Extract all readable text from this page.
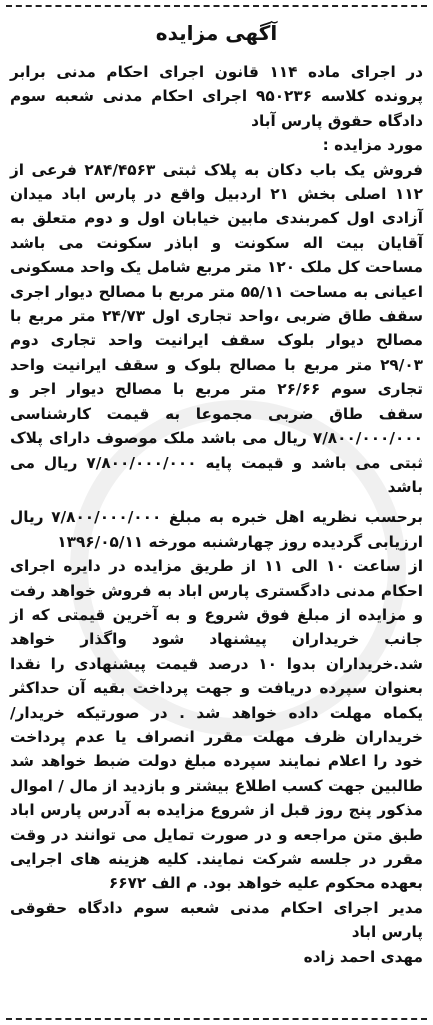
آگهی مزایده

در اجرای ماده ۱۱۴ قانون اجرای احکام مدنی برابر پرونده کلاسه ۹۵۰۲۳۶ اجرای احکام مدنی شعبه سوم دادگاه حقوق پارس آباد

مورد مزایده :

فروش یک باب دکان به پلاک ثبتی ۲۸۴/۴۵۶۳ فرعی از ۱۱۲ اصلی بخش ۲۱ اردبیل واقع در پارس اباد میدان آزادی اول کمربندی مابین خیابان اول و دوم متعلق به آقایان بیت اله سکونت و اباذر سکونت می باشد مساحت کل ملک ۱۲۰ متر مربع شامل یک واحد مسکونی اعیانی به مساحت ۵۵/۱۱ متر مربع با مصالح دیوار اجری سقف طاق ضربی ،واحد تجاری اول ۲۴/۷۳ متر مربع با مصالح دیوار بلوک سقف ایرانیت واحد تجاری دوم ۲۹/۰۳ متر مربع با مصالح بلوک و سقف ایرانیت واحد تجاری سوم ۲۶/۶۶ متر مربع با مصالح دیوار اجر و سقف طاق ضربی مجموعا به قیمت کارشناسی ۷/۸۰۰/۰۰۰/۰۰۰ ریال می باشد ملک موصوف دارای پلاک ثبتی می باشد و قیمت پایه ۷/۸۰۰/۰۰۰/۰۰۰ ریال می باشد

برحسب نظریه اهل خبره به مبلغ ۷/۸۰۰/۰۰۰/۰۰۰ ریال ارزیابی گردیده روز چهارشنبه مورخه ۱۳۹۶/۰۵/۱۱

از ساعت ۱۰ الی ۱۱ از طریق مزایده در دایره اجرای احکام مدنی دادگستری پارس اباد به فروش خواهد رفت و مزایده از مبلغ فوق شروع و به آخرین قیمتی که از جانب خریداران پیشنهاد شود واگذار خواهد شد.خریداران بدوا ۱۰ درصد قیمت پیشنهادی را نقدا بعنوان سپرده دریافت و جهت پرداخت بقیه آن حداکثر یکماه مهلت داده خواهد شد . در صورتیکه خریدار/ خریداران ظرف مهلت مقرر انصراف یا عدم پرداخت خود را اعلام نمایند سپرده مبلغ دولت ضبط خواهد شد طالبین جهت کسب اطلاع بیشتر و بازدید از مال / اموال مذکور پنج روز قبل از شروع مزایده به آدرس پارس اباد طبق متن مراجعه و در صورت تمایل می توانند در وقت مقرر در جلسه شرکت نمایند. کلیه هزینه های اجرایی بعهده محکوم علیه خواهد بود. م الف ۶۶۷۲

مدیر اجرای احکام مدنی شعبه سوم دادگاه حقوقی پارس اباد

مهدی احمد زاده
